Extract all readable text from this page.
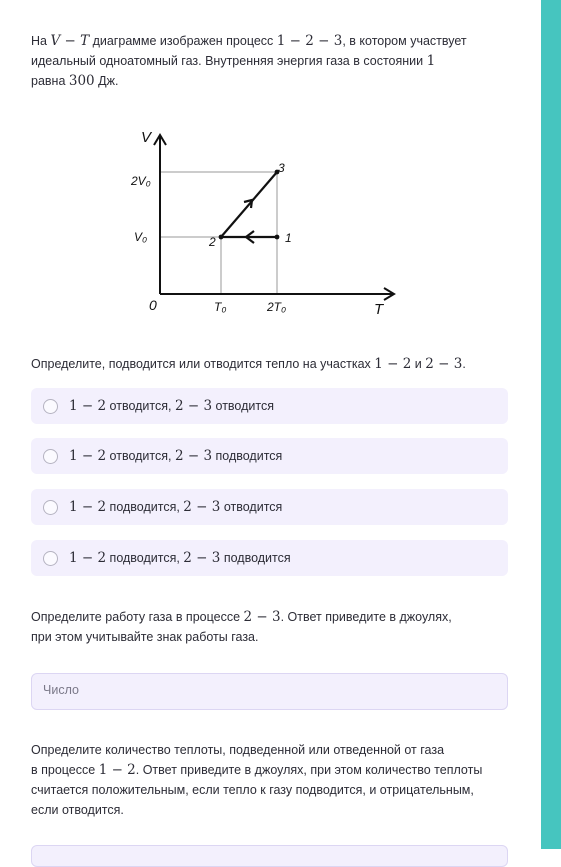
На V − T диаграмме изображен процесс 1 − 2 − 3, в котором участвует
идеальный одноатомный газ. Внутренняя энергия газа в состоянии 1
равна 300 Дж.
V
T
0
2V₀
V₀
T₀	2T₀
1
2
3
Определите, подводится или отводится тепло на участках 1 − 2 и 2 − 3.
1 − 2 отводится, 2 − 3 отводится
1 − 2 отводится, 2 − 3 подводится
1 − 2 подводится, 2 − 3 отводится
1 − 2 подводится, 2 − 3 подводится
Определите работу газа в процессе 2 − 3. Ответ приведите в джоулях,
при этом учитывайте знак работы газа.
Число
Определите количество теплоты, подведенной или отведенной от газа
в процессе 1 − 2. Ответ приведите в джоулях, при этом количество теплоты
считается положительным, если тепло к газу подводится, и отрицательным,
если отводится.
